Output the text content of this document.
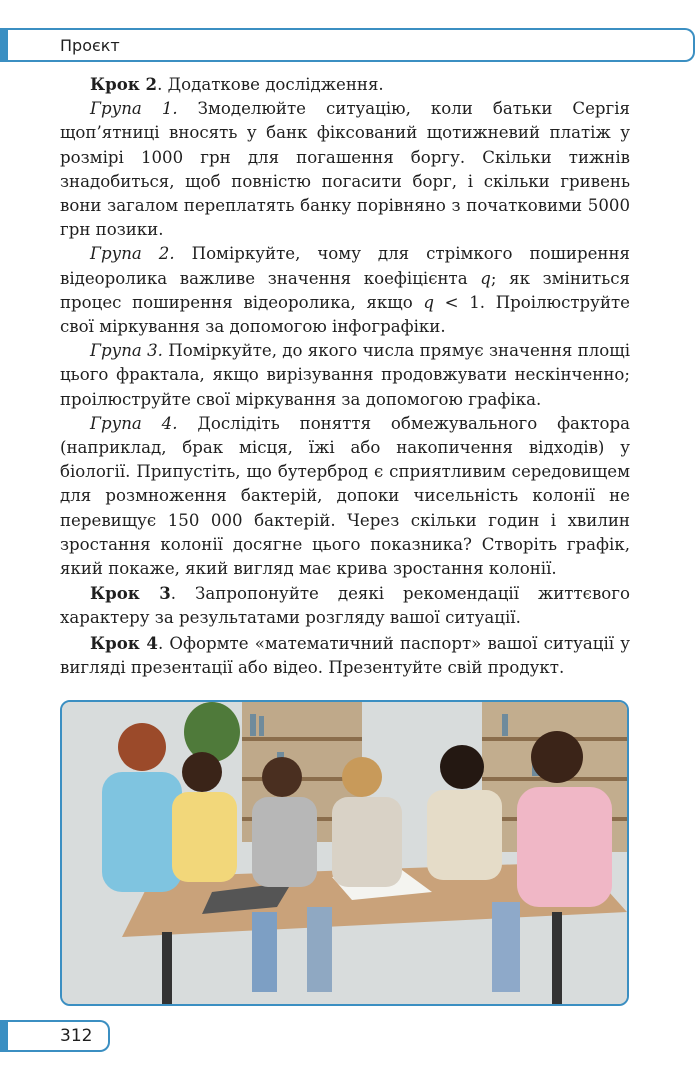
Проєкт

Крок 2. Додаткове дослідження.

Група 1. Змоделюйте ситуацію, коли батьки Сергія щоп’ятниці вносять у банк фіксований щотижневий платіж у розмірі 1000 грн для погашення боргу. Скільки тижнів знадобиться, щоб повністю погасити борг, і скільки гривень вони загалом переплатять банку порівняно з початковими 5000 грн позики.

Група 2. Поміркуйте, чому для стрімкого поширення відеоролика важливе значення коефіцієнта q; як зміниться процес поширення відеоролика, якщо q < 1. Проілюструйте свої міркування за допомогою інфографіки.

Група 3. Поміркуйте, до якого числа прямує значення площі цього фрактала, якщо вирізування продовжувати нескінченно; проілюструйте свої міркування за допомогою графіка.

Група 4. Дослідіть поняття обмежувального фактора (наприклад, брак місця, їжі або накопичення відходів) у біології. Припустіть, що бутерброд є сприятливим середовищем для розмноження бактерій, допоки чисельність колонії не перевищує 150 000 бактерій. Через скільки годин і хвилин зростання колонії досягне цього показника? Створіть графік, який покаже, який вигляд має крива зростання колонії.

Крок 3. Запропонуйте деякі рекомендації життєвого характеру за результатами розгляду вашої ситуації.

Крок 4. Оформте «математичний паспорт» вашої ситуації у вигляді презентації або відео. Презентуйте свій продукт.

312
